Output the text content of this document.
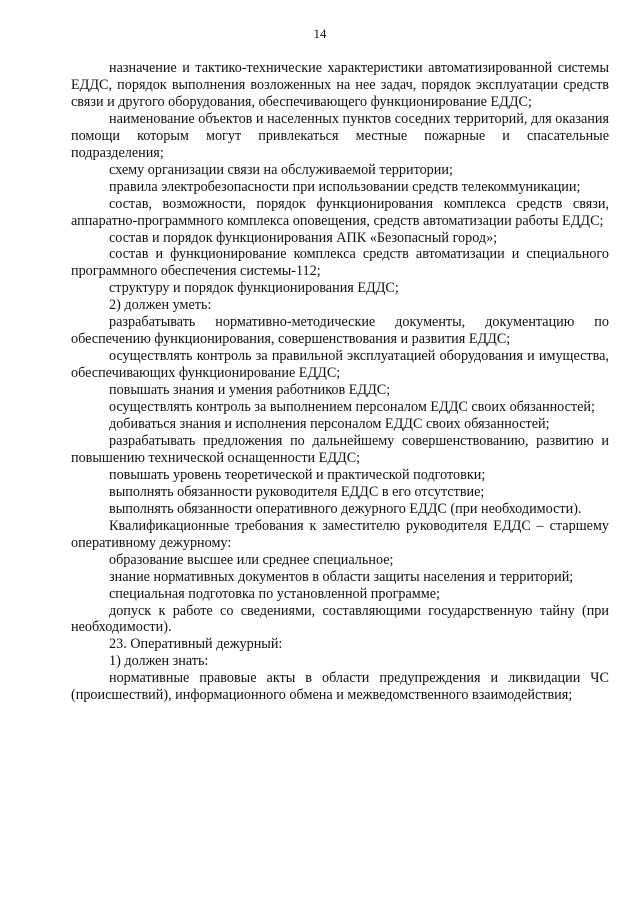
14

назначение и тактико-технические характеристики автоматизированной системы ЕДДС, порядок выполнения возложенных на нее задач, порядок эксплуатации средств связи и другого оборудования, обеспечивающего функционирование ЕДДС;

наименование объектов и населенных пунктов соседних территорий, для оказания помощи которым могут привлекаться местные пожарные и спасательные подразделения;

схему организации связи на обслуживаемой территории;

правила электробезопасности при использовании средств телекоммуникации;

состав, возможности, порядок функционирования комплекса средств связи, аппаратно-программного комплекса оповещения, средств автоматизации работы ЕДДС;

состав и порядок функционирования АПК «Безопасный город»;

состав и функционирование комплекса средств автоматизации и специального программного обеспечения системы-112;

структуру и порядок функционирования ЕДДС;

2) должен уметь:

разрабатывать нормативно-методические документы, документацию по обеспечению функционирования, совершенствования и развития ЕДДС;

осуществлять контроль за правильной эксплуатацией оборудования и имущества, обеспечивающих функционирование ЕДДС;

повышать знания и умения работников ЕДДС;

осуществлять контроль за выполнением персоналом ЕДДС своих обязанностей;

добиваться знания и исполнения персоналом ЕДДС своих обязанностей;

разрабатывать предложения по дальнейшему совершенствованию, развитию и повышению технической оснащенности ЕДДС;

повышать уровень теоретической и практической подготовки;

выполнять обязанности руководителя ЕДДС в его отсутствие;

выполнять обязанности оперативного дежурного ЕДДС (при необходимости).

Квалификационные требования к заместителю руководителя ЕДДС – старшему оперативному дежурному:

образование высшее или среднее специальное;

знание нормативных документов в области защиты населения и территорий;

специальная подготовка по установленной программе;

допуск к работе со сведениями, составляющими государственную тайну (при необходимости).

23. Оперативный дежурный:

1) должен знать:

нормативные правовые акты в области предупреждения и ликвидации ЧС (происшествий), информационного обмена и межведомственного взаимодействия;
